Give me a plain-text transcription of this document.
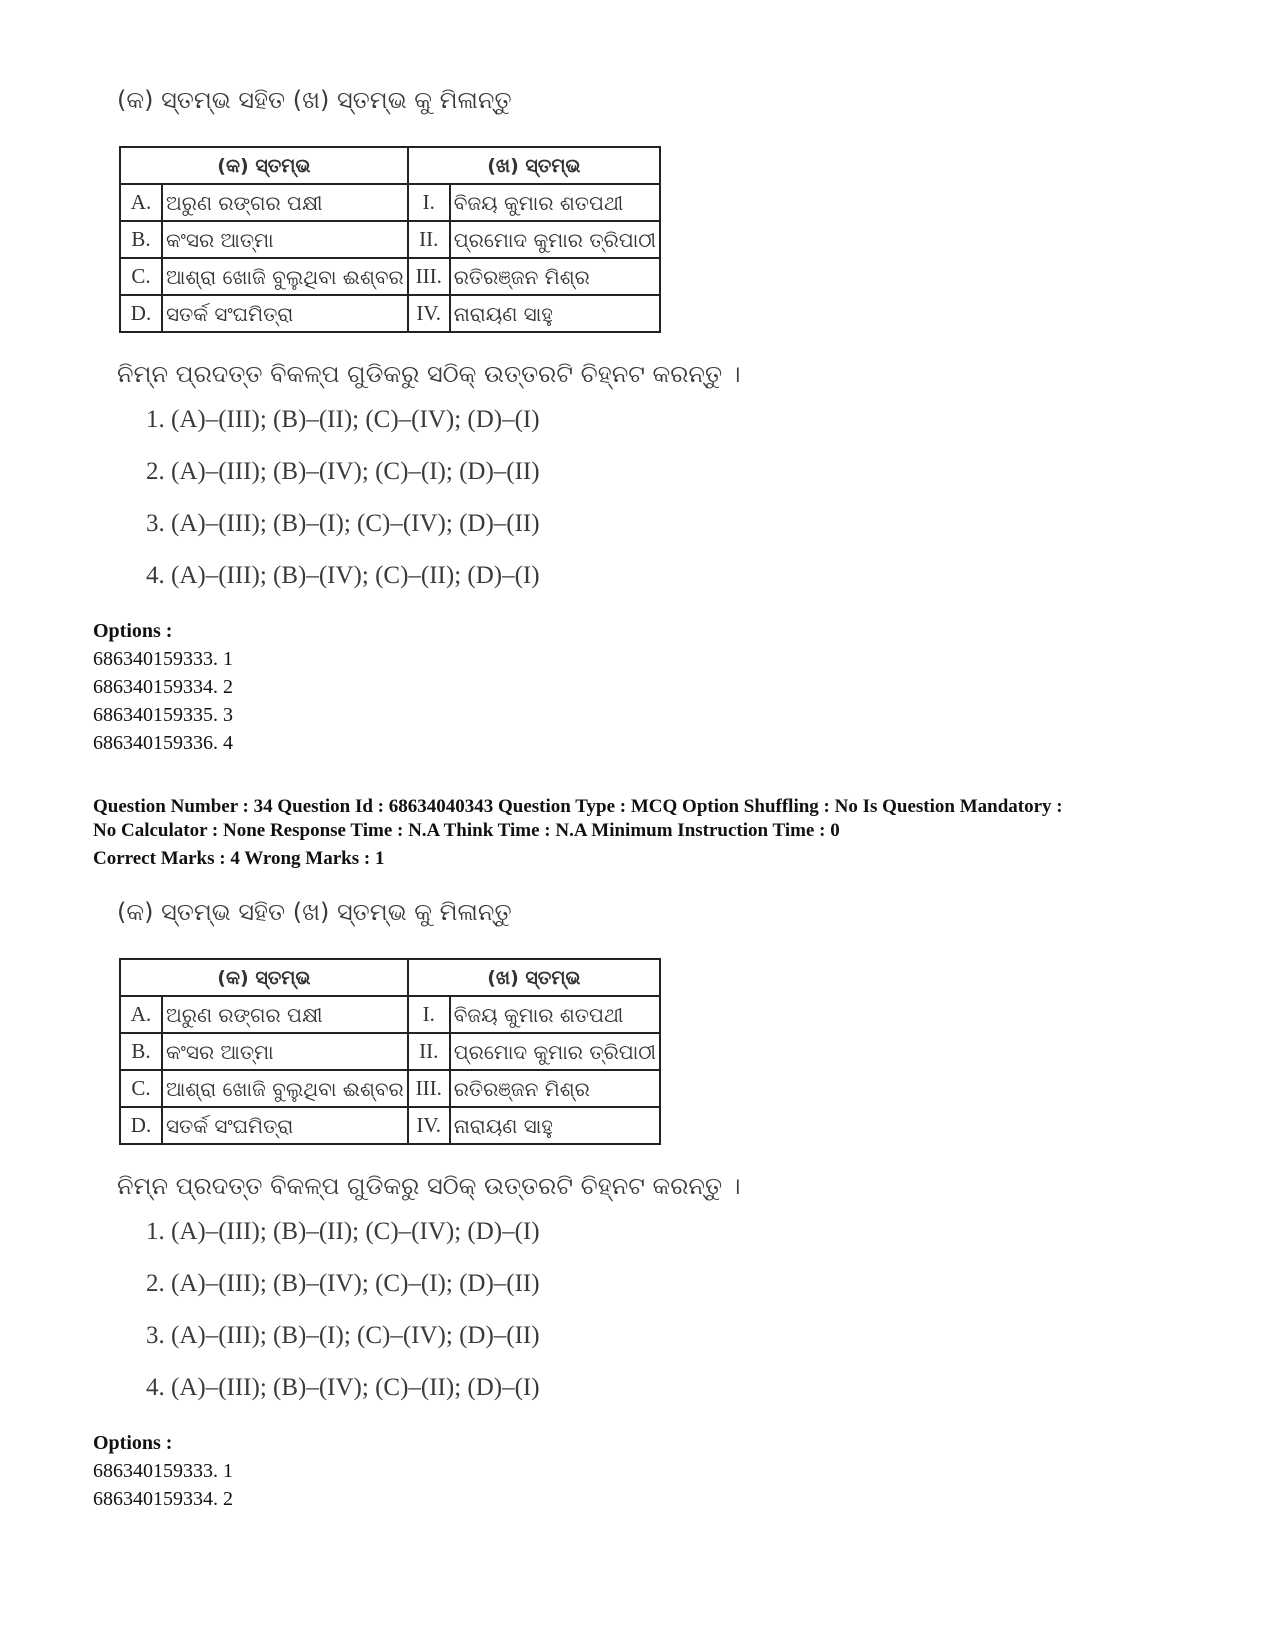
(କ) ସ୍ତମ୍ଭ ସହିତ (ଖ) ସ୍ତମ୍ଭ କୁ ମିଳାନ୍ତୁ
(କ) ସ୍ତମ୍ଭ		(ଖ) ସ୍ତମ୍ଭ	
A.	ଅରୁଣ ରଙ୍ଗର ପକ୍ଷୀ	I.	ବିଜୟ କୁମାର ଶତପଥୀ
B.	କଂସର ଆତ୍ମା	II.	ପ୍ରମୋଦ କୁମାର ତ୍ରିପାଠୀ
C.	ଆଶ୍ରା ଖୋଜି ବୁଲୁଥିବା ଈଶ୍ବର	III.	ରତିରଞ୍ଜନ ମିଶ୍ର
D.	ସତର୍କ ସଂଘମିତ୍ରା	IV.	ନାରାୟଣ ସାହୁ
ନିମ୍ନ ପ୍ରଦତ୍ତ ବିକଳ୍ପ ଗୁଡିକରୁ ସଠିକ୍ ଉତ୍ତରଟି ଚିହ୍ନଟ କରନ୍ତୁ ।
1. (A)–(III); (B)–(II); (C)–(IV); (D)–(I)
2. (A)–(III); (B)–(IV); (C)–(I); (D)–(II)
3. (A)–(III); (B)–(I); (C)–(IV); (D)–(II)
4. (A)–(III); (B)–(IV); (C)–(II); (D)–(I)
Options :
686340159333. 1
686340159334. 2
686340159335. 3
686340159336. 4
Question Number : 34 Question Id : 68634040343 Question Type : MCQ Option Shuffling : No Is Question Mandatory :
No Calculator : None Response Time : N.A Think Time : N.A Minimum Instruction Time : 0
Correct Marks : 4 Wrong Marks : 1
(କ) ସ୍ତମ୍ଭ ସହିତ (ଖ) ସ୍ତମ୍ଭ କୁ ମିଳାନ୍ତୁ
(କ) ସ୍ତମ୍ଭ		(ଖ) ସ୍ତମ୍ଭ	
A.	ଅରୁଣ ରଙ୍ଗର ପକ୍ଷୀ	I.	ବିଜୟ କୁମାର ଶତପଥୀ
B.	କଂସର ଆତ୍ମା	II.	ପ୍ରମୋଦ କୁମାର ତ୍ରିପାଠୀ
C.	ଆଶ୍ରା ଖୋଜି ବୁଲୁଥିବା ଈଶ୍ବର	III.	ରତିରଞ୍ଜନ ମିଶ୍ର
D.	ସତର୍କ ସଂଘମିତ୍ରା	IV.	ନାରାୟଣ ସାହୁ
ନିମ୍ନ ପ୍ରଦତ୍ତ ବିକଳ୍ପ ଗୁଡିକରୁ ସଠିକ୍ ଉତ୍ତରଟି ଚିହ୍ନଟ କରନ୍ତୁ ।
1. (A)–(III); (B)–(II); (C)–(IV); (D)–(I)
2. (A)–(III); (B)–(IV); (C)–(I); (D)–(II)
3. (A)–(III); (B)–(I); (C)–(IV); (D)–(II)
4. (A)–(III); (B)–(IV); (C)–(II); (D)–(I)
Options :
686340159333. 1
686340159334. 2
